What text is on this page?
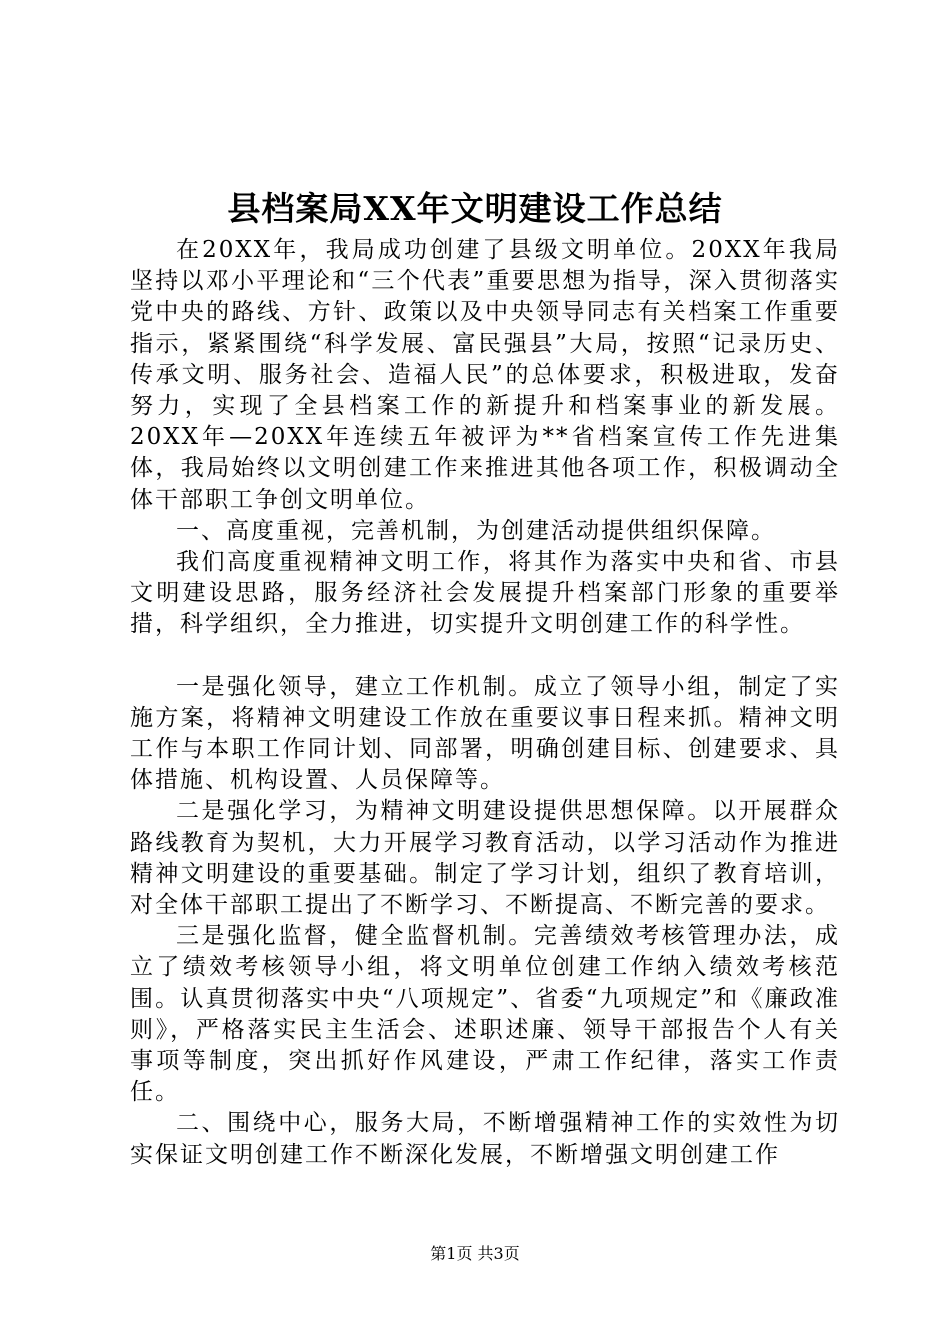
县档案局XX年文明建设工作总结

在20XX年，我局成功创建了县级文明单位。20XX年我局坚持以邓小平理论和“三个代表”重要思想为指导，深入贯彻落实党中央的路线、方针、政策以及中央领导同志有关档案工作重要指示，紧紧围绕“科学发展、富民强县”大局，按照“记录历史、传承文明、服务社会、造福人民”的总体要求，积极进取，发奋努力，实现了全县档案工作的新提升和档案事业的新发展。20XX年—20XX年连续五年被评为**省档案宣传工作先进集体，我局始终以文明创建工作来推进其他各项工作，积极调动全体干部职工争创文明单位。

一、高度重视，完善机制，为创建活动提供组织保障。

我们高度重视精神文明工作，将其作为落实中央和省、市县文明建设思路，服务经济社会发展提升档案部门形象的重要举措，科学组织，全力推进，切实提升文明创建工作的科学性。

一是强化领导，建立工作机制。成立了领导小组，制定了实施方案，将精神文明建设工作放在重要议事日程来抓。精神文明工作与本职工作同计划、同部署，明确创建目标、创建要求、具体措施、机构设置、人员保障等。

二是强化学习，为精神文明建设提供思想保障。以开展群众路线教育为契机，大力开展学习教育活动，以学习活动作为推进精神文明建设的重要基础。制定了学习计划，组织了教育培训，对全体干部职工提出了不断学习、不断提高、不断完善的要求。

三是强化监督，健全监督机制。完善绩效考核管理办法，成立了绩效考核领导小组，将文明单位创建工作纳入绩效考核范围。认真贯彻落实中央“八项规定”、省委“九项规定”和《廉政准则》，严格落实民主生活会、述职述廉、领导干部报告个人有关事项等制度，突出抓好作风建设，严肃工作纪律，落实工作责任。

二、围绕中心，服务大局，不断增强精神工作的实效性为切实保证文明创建工作不断深化发展，不断增强文明创建工作

第1页 共3页
